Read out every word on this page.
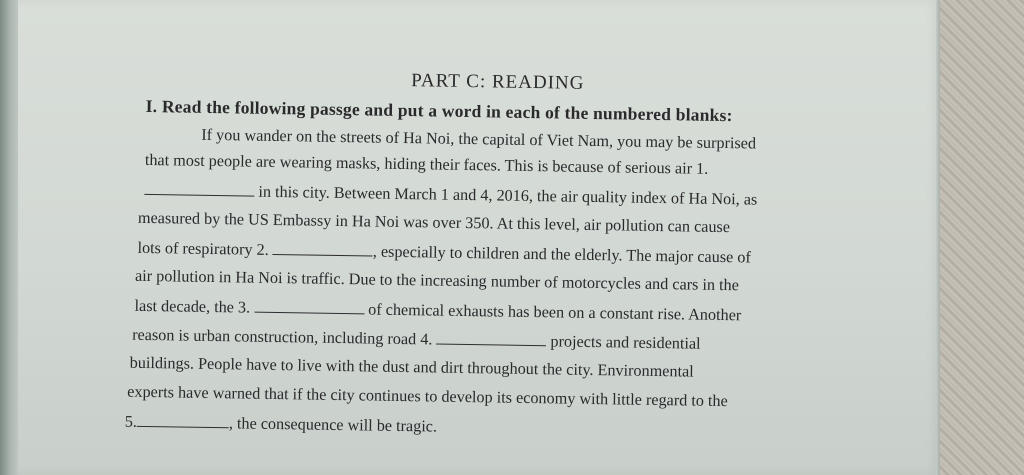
PART C: READING
I. Read the following passge and put a word in each of the numbered blanks:
If you wander on the streets of Ha Noi, the capital of Viet Nam, you may be surprised
that most people are wearing masks, hiding their faces. This is because of serious air 1.
in this city. Between March 1 and 4, 2016, the air quality index of Ha Noi, as
measured by the US Embassy in Ha Noi was over 350. At this level, air pollution can cause
lots of respiratory 2.	, especially to children and the elderly. The major cause of
air pollution in Ha Noi is traffic. Due to the increasing number of motorcycles and cars in the
last decade, the 3.	of chemical exhausts has been on a constant rise. Another
reason is urban construction, including road 4.	projects and residential
buildings. People have to live with the dust and dirt throughout the city. Environmental
experts have warned that if the city continues to develop its economy with little regard to the
5.	, the consequence will be tragic.
